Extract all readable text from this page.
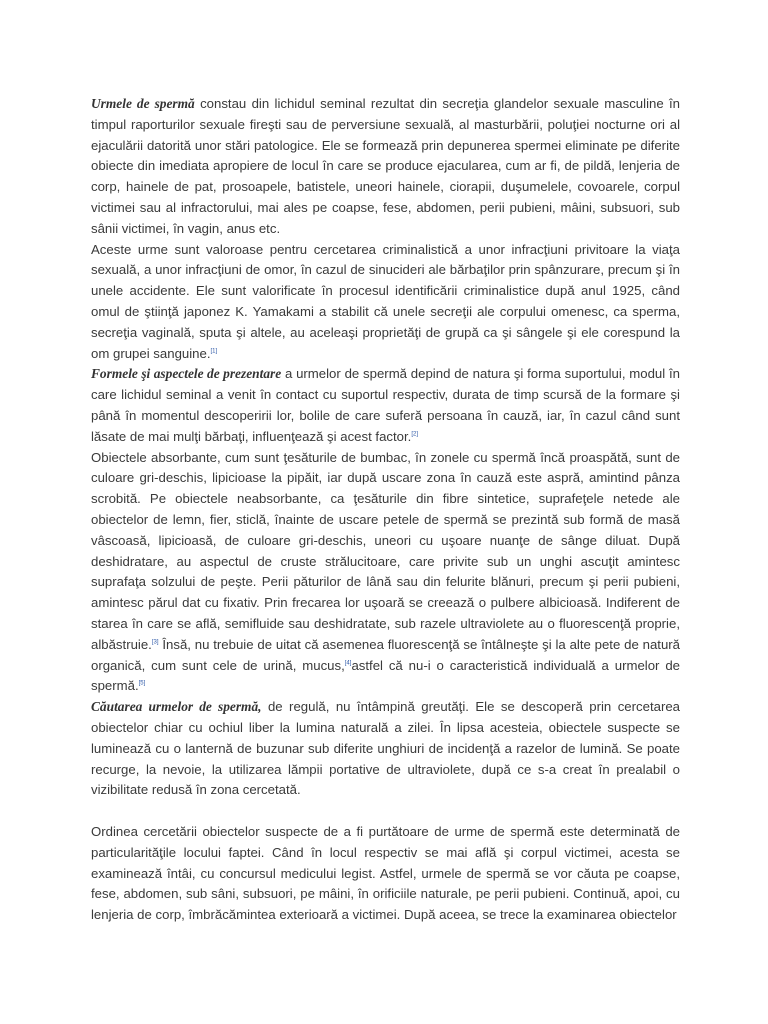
Urmele de spermă constau din lichidul seminal rezultat din secreţia glandelor sexuale masculine în timpul raporturilor sexuale fireşti sau de perversiune sexuală, al masturbării, poluţiei nocturne ori al ejaculării datorită unor stări patologice. Ele se formează prin depunerea spermei eliminate pe diferite obiecte din imediata apropiere de locul în care se produce ejacularea, cum ar fi, de pildă, lenjeria de corp, hainele de pat, prosoapele, batistele, uneori hainele, ciorapii, duşumelele, covoarele, corpul victimei sau al infractorului, mai ales pe coapse, fese, abdomen, perii pubieni, mâini, subsuori, sub sânii victimei, în vagin, anus etc.

Aceste urme sunt valoroase pentru cercetarea criminalistică a unor infracţiuni privitoare la viaţa sexuală, a unor infracţiuni de omor, în cazul de sinucideri ale bărbaţilor prin spânzurare, precum şi în unele accidente. Ele sunt valorificate în procesul identificării criminalistice după anul 1925, când omul de ştiinţă japonez K. Yamakami a stabilit că unele secreţii ale corpului omenesc, ca sperma, secreţia vaginală, sputa şi altele, au aceleaşi proprietăţi de grupă ca şi sângele şi ele corespund la om grupei sanguine.[1]

Formele şi aspectele de prezentare a urmelor de spermă depind de natura şi forma suportului, modul în care lichidul seminal a venit în contact cu suportul respectiv, durata de timp scursă de la formare şi până în momentul descoperirii lor, bolile de care suferă persoana în cauză, iar, în cazul când sunt lăsate de mai mulţi bărbaţi, influenţează şi acest factor.[2]

Obiectele absorbante, cum sunt ţesăturile de bumbac, în zonele cu spermă încă proaspătă, sunt de culoare gri-deschis, lipicioase la pipăit, iar după uscare zona în cauză este aspră, amintind pânza scrobită. Pe obiectele neabsorbante, ca ţesăturile din fibre sintetice, suprafeţele netede ale obiectelor de lemn, fier, sticlă, înainte de uscare petele de spermă se prezintă sub formă de masă vâscoasă, lipicioasă, de culoare gri-deschis, uneori cu uşoare nuanţe de sânge diluat. După deshidratare, au aspectul de cruste strălucitoare, care privite sub un unghi ascuţit amintesc suprafaţa solzului de peşte. Perii păturilor de lână sau din felurite blănuri, precum şi perii pubieni, amintesc părul dat cu fixativ. Prin frecarea lor uşoară se creează o pulbere albicioasă. Indiferent de starea în care se află, semifluide sau deshidratate, sub razele ultraviolete au o fluorescenţă proprie, albăstruie.[3] Însă, nu trebuie de uitat că asemenea fluorescenţă se întâlneşte şi la alte pete de natură organică, cum sunt cele de urină, mucus,[4]astfel că nu-i o caracteristică individuală a urmelor de spermă.[5]

Căutarea urmelor de spermă, de regulă, nu întâmpină greutăţi. Ele se descoperă prin cercetarea obiectelor chiar cu ochiul liber la lumina naturală a zilei. În lipsa acesteia, obiectele suspecte se luminează cu o lanternă de buzunar sub diferite unghiuri de incidenţă a razelor de lumină. Se poate recurge, la nevoie, la utilizarea lămpii portative de ultraviolete, după ce s-a creat în prealabil o vizibilitate redusă în zona cercetată.

Ordinea cercetării obiectelor suspecte de a fi purtătoare de urme de spermă este determinată de particularităţile locului faptei. Când în locul respectiv se mai află şi corpul victimei, acesta se examinează întâi, cu concursul medicului legist. Astfel, urmele de spermă se vor căuta pe coapse, fese, abdomen, sub sâni, subsuori, pe mâini, în orificiile naturale, pe perii pubieni. Continuă, apoi, cu lenjeria de corp, îmbrăcămintea exterioară a victimei. După aceea, se trece la examinarea obiectelor
